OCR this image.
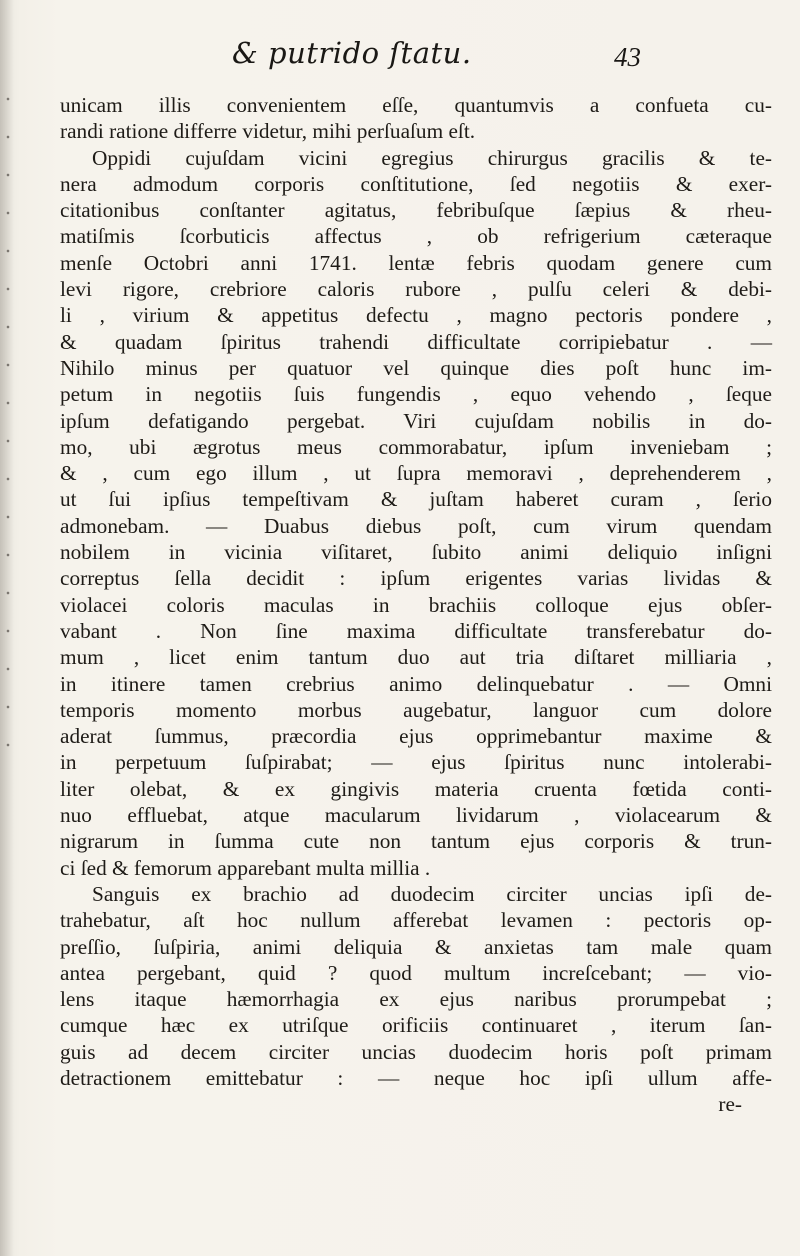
& putrido ſtatu.	43
unicam illis convenientem eſſe, quantumvis a confueta cu-
randi ratione differre videtur, mihi perſuaſum eſt.
Oppidi cujuſdam vicini egregius chirurgus gracilis & te-
nera admodum corporis conſtitutione, ſed negotiis & exer-
citationibus conſtanter agitatus, febribuſque ſæpius & rheu-
matiſmis ſcorbuticis affectus , ob refrigerium cæteraque
menſe Octobri anni 1741. lentæ febris quodam genere cum
levi rigore, crebriore caloris rubore , pulſu celeri & debi-
li , virium & appetitus defectu , magno pectoris pondere ,
& quadam ſpiritus trahendi difficultate corripiebatur . —
Nihilo minus per quatuor vel quinque dies poſt hunc im-
petum in negotiis ſuis fungendis , equo vehendo , ſeque
ipſum defatigando pergebat. Viri cujuſdam nobilis in do-
mo, ubi ægrotus meus commorabatur, ipſum inveniebam ;
& , cum ego illum , ut ſupra memoravi , deprehenderem ,
ut ſui ipſius tempeſtivam & juſtam haberet curam , ſerio
admonebam. — Duabus diebus poſt, cum virum quendam
nobilem in vicinia viſitaret, ſubito animi deliquio inſigni
correptus ſella decidit : ipſum erigentes varias lividas &
violacei coloris maculas in brachiis colloque ejus obſer-
vabant . Non ſine maxima difficultate transferebatur do-
mum , licet enim tantum duo aut tria diſtaret milliaria ,
in itinere tamen crebrius animo delinquebatur . — Omni
temporis momento morbus augebatur, languor cum dolore
aderat ſummus, præcordia ejus opprimebantur maxime &
in perpetuum ſuſpirabat; — ejus ſpiritus nunc intolerabi-
liter olebat, & ex gingivis materia cruenta fœtida conti-
nuo effluebat, atque macularum lividarum , violacearum &
nigrarum in ſumma cute non tantum ejus corporis & trun-
ci ſed & femorum apparebant multa millia .
Sanguis ex brachio ad duodecim circiter uncias ipſi de-
trahebatur, aſt hoc nullum afferebat levamen : pectoris op-
preſſio, ſuſpiria, animi deliquia & anxietas tam male quam
antea pergebant, quid ? quod multum increſcebant; — vio-
lens itaque hæmorrhagia ex ejus naribus prorumpebat ;
cumque hæc ex utriſque orificiis continuaret , iterum ſan-
guis ad decem circiter uncias duodecim horis poſt primam
detractionem emittebatur : — neque hoc ipſi ullum affe-
re-
